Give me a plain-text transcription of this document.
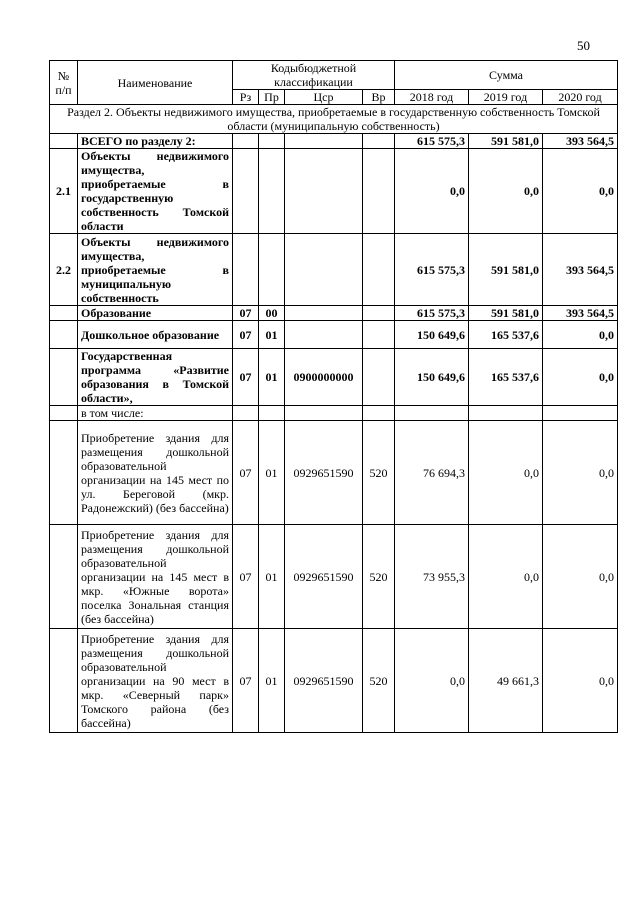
50
№ п/п	Наименование	Кодыбюджетной классификации				Сумма		
		Рз	Пр	Цср	Вр	2018 год	2019 год	2020 год
Раздел 2. Объекты недвижимого имущества, приобретаемые в государственную собственность Томской области (муниципальную собственность)								
	ВСЕГО по разделу 2:					615 575,3	591 581,0	393 564,5
2.1	Объекты недвижимого имущества, приобретаемые в государственную собственность Томской области					0,0	0,0	0,0
2.2	Объекты недвижимого имущества, приобретаемые в муниципальную собственность					615 575,3	591 581,0	393 564,5
	Образование	07	00			615 575,3	591 581,0	393 564,5
	Дошкольное образование	07	01			150 649,6	165 537,6	0,0
	Государственная программа «Развитие образования в Томской области»,	07	01	0900000000		150 649,6	165 537,6	0,0
	в том числе:							
	Приобретение здания для размещения дошкольной образовательной организации на 145 мест по ул. Береговой (мкр. Радонежский) (без бассейна)	07	01	0929651590	520	76 694,3	0,0	0,0
	Приобретение здания для размещения дошкольной образовательной организации на 145 мест в мкр. «Южные ворота» поселка Зональная станция (без бассейна)	07	01	0929651590	520	73 955,3	0,0	0,0
	Приобретение здания для размещения дошкольной образовательной организации на 90 мест в мкр. «Северный парк» Томского района (без бассейна)	07	01	0929651590	520	0,0	49 661,3	0,0
